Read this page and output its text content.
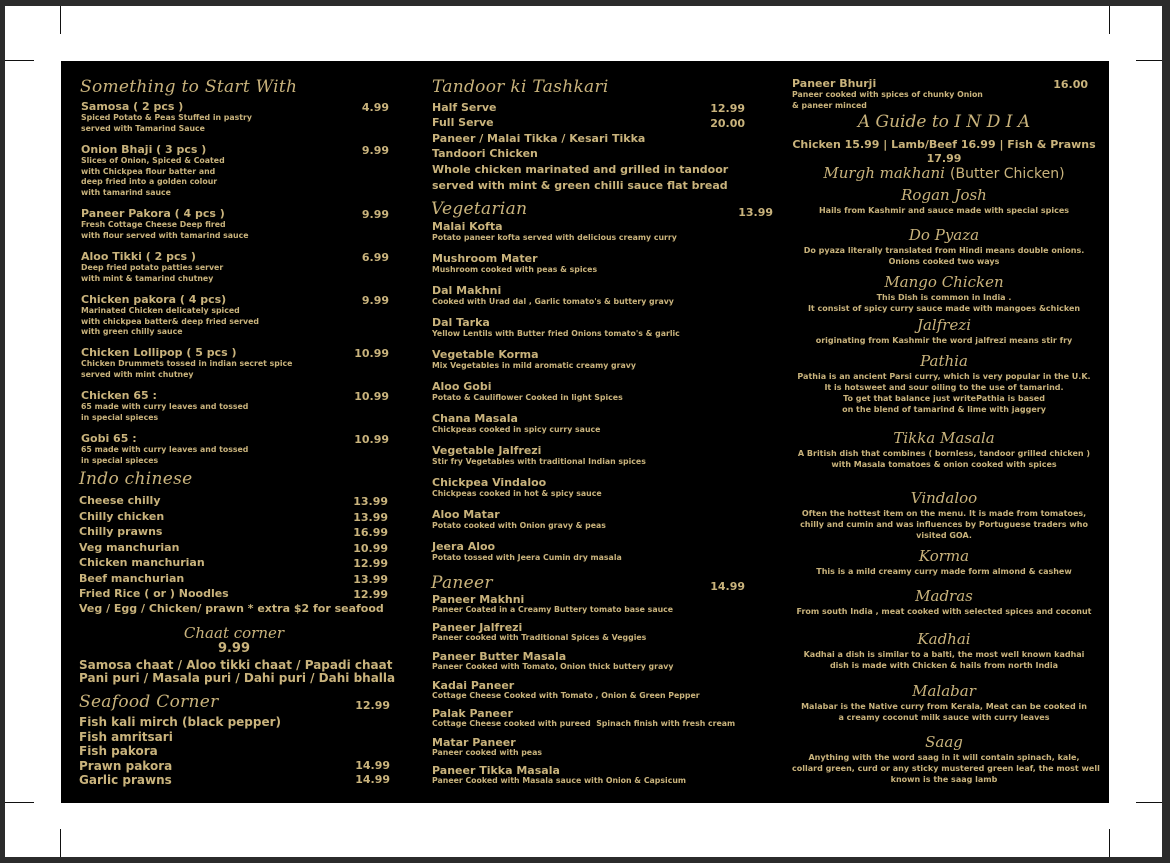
Something to Start With
Samosa ( 2 pcs )	4.99
Spiced Potato & Peas Stuffed in pastry
served with Tamarind Sauce
Onion Bhaji ( 3 pcs )	9.99
Slices of Onion, Spiced & Coated
with Chickpea flour batter and
deep fried into a golden colour
with tamarind sauce
Paneer Pakora ( 4 pcs )	9.99
Fresh Cottage Cheese Deep fired
with flour served with tamarind sauce
Aloo Tikki ( 2 pcs )	6.99
Deep fried potato patties server
with mint & tamarind chutney
Chicken pakora ( 4 pcs)	9.99
Marinated Chicken delicately spiced
with chickpea batter& deep fried served
with green chilly sauce
Chicken Lollipop ( 5 pcs )	10.99
Chicken Drummets tossed in indian secret spice
served with mint chutney
Chicken 65 :	10.99
65 made with curry leaves and tossed
in special spieces
Gobi 65 :	10.99
65 made with curry leaves and tossed
in special spieces
Indo chinese
Cheese chilly	13.99
Chilly chicken	13.99
Chilly prawns	16.99
Veg manchurian	10.99
Chicken manchurian	12.99
Beef manchurian	13.99
Fried Rice ( or ) Noodles	12.99
Veg / Egg / Chicken/ prawn * extra $2 for seafood
Chaat corner
9.99
Samosa chaat / Aloo tikki chaat / Papadi chaat
Pani puri / Masala puri / Dahi puri / Dahi bhalla
Seafood Corner	12.99
Fish kali mirch (black pepper)
Fish amritsari
Fish pakora
Prawn pakora	14.99
Garlic prawns	14.99
Tandoor ki Tashkari
Half Serve	12.99
Full Serve	20.00
Paneer / Malai Tikka / Kesari Tikka
Tandoori Chicken
Whole chicken marinated and grilled in tandoor
served with mint & green chilli sauce flat bread
Vegetarian	13.99
Malai Kofta
Potato paneer kofta served with delicious creamy curry
Mushroom Mater
Mushroom cooked with peas & spices
Dal Makhni
Cooked with Urad dal , Garlic tomato's & buttery gravy
Dal Tarka
Yellow Lentils with Butter fried Onions tomato's & garlic
Vegetable Korma
Mix Vegetables in mild aromatic creamy gravy
Aloo Gobi
Potato & Cauliflower Cooked in light Spices
Chana Masala
Chickpeas cooked in spicy curry sauce
Vegetable Jalfrezi
Stir fry Vegetables with traditional Indian spices
Chickpea Vindaloo
Chickpeas cooked in hot & spicy sauce
Aloo Matar
Potato cooked with Onion gravy & peas
Jeera Aloo
Potato tossed with Jeera Cumin dry masala
Paneer	14.99
Paneer Makhni
Paneer Coated in a Creamy Buttery tomato base sauce
Paneer Jalfrezi
Paneer cooked with Traditional Spices & Veggies
Paneer Butter Masala
Paneer Cooked with Tomato, Onion thick buttery gravy
Kadai Paneer
Cottage Cheese Cooked with Tomato , Onion & Green Pepper
Palak Paneer
Cottage Cheese cooked with pureed  Spinach finish with fresh cream
Matar Paneer
Paneer cooked with peas
Paneer Tikka Masala
Paneer Cooked with Masala sauce with Onion & Capsicum
Paneer Bhurji	16.00
Paneer cooked with spices of chunky Onion
& paneer minced
A Guide to I N D I A
Chicken 15.99 | Lamb/Beef 16.99 | Fish & Prawns 17.99
Murgh makhani (Butter Chicken)
Rogan Josh
Hails from Kashmir and sauce made with special spices
Do Pyaza
Do pyaza literally translated from Hindi means double onions.
Onions cooked two ways
Mango Chicken
This Dish is common in India .
It consist of spicy curry sauce made with mangoes &chicken
Jalfrezi
originating from Kashmir the word jalfrezi means stir fry
Pathia
Pathia is an ancient Parsi curry, which is very popular in the U.K.
It is hotsweet and sour oiling to the use of tamarind.
To get that balance just writePathia is based
on the blend of tamarind & lime with jaggery
Tikka Masala
A British dish that combines ( bornless, tandoor grilled chicken )
with Masala tomatoes & onion cooked with spices
Vindaloo
Often the hottest item on the menu. It is made from tomatoes,
chilly and cumin and was influences by Portuguese traders who
visited GOA.
Korma
This is a mild creamy curry made form almond & cashew
Madras
From south India , meat cooked with selected spices and coconut
Kadhai
Kadhai a dish is similar to a balti, the most well known kadhai
dish is made with Chicken & hails from north India
Malabar
Malabar is the Native curry from Kerala, Meat can be cooked in
a creamy coconut milk sauce with curry leaves
Saag
Anything with the word saag in it will contain spinach, kale,
collard green, curd or any sticky mustered green leaf, the most well
known is the saag lamb
